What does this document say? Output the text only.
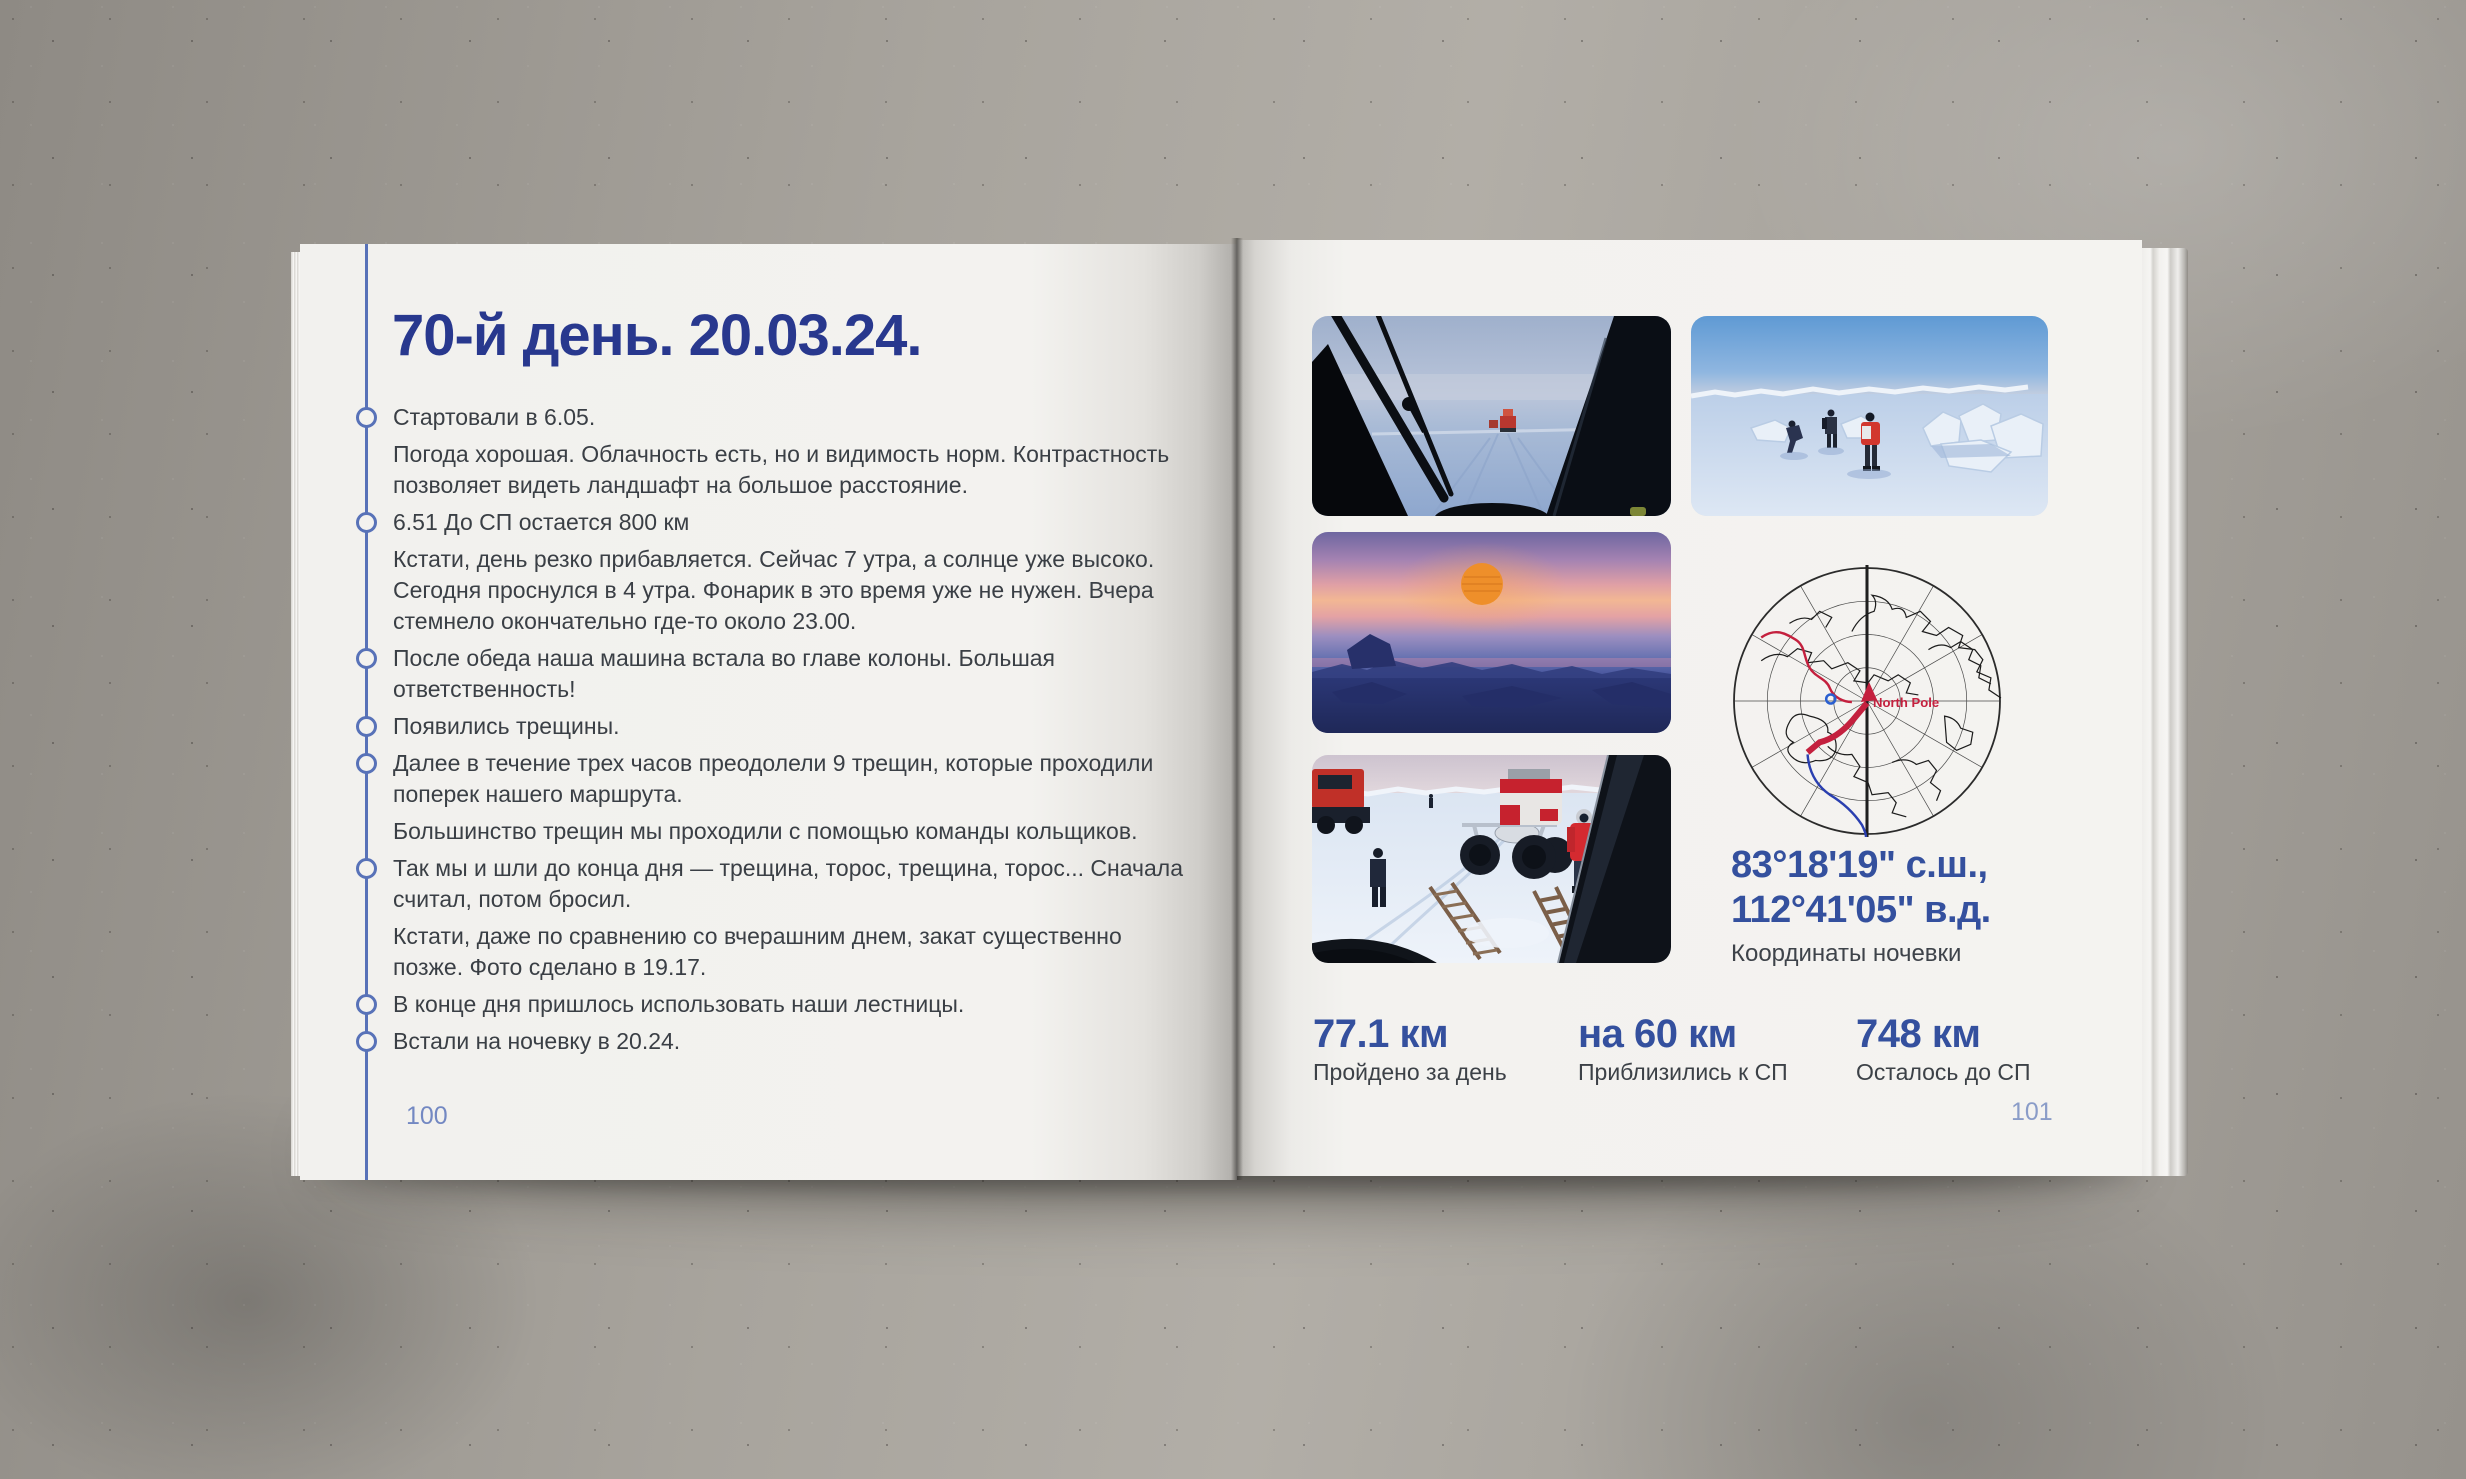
70-й день. 20.03.24.
Стартовали в 6.05.
Погода хорошая. Облачность есть, но и видимость норм. Контрастность позволяет видеть ландшафт на большое расстояние.
6.51 До СП остается 800 км
Кстати, день резко прибавляется. Сейчас 7 утра, а солнце уже высоко. Сегодня проснулся в 4 утра. Фонарик в это время уже не нужен. Вчера стемнело окончательно где-то около 23.00.
После обеда наша машина встала во главе колоны. Большая ответственность!
Появились трещины.
Далее в течение трех часов преодолели 9 трещин, которые проходили поперек нашего маршрута.
Большинство трещин мы проходили с помощью команды кольщиков.
Так мы и шли до конца дня — трещина, торос, трещина, торос... Сначала считал, потом бросил.
Кстати, даже по сравнению со вчерашним днем, закат существенно позже. Фото сделано в 19.17.
В конце дня пришлось использовать наши лестницы.
Встали на ночевку в 20.24.
100
North Pole
83°18'19" с.ш.,
112°41'05" в.д.
Координаты ночевки
77.1 км
Пройдено за день
на 60 км
Приблизились к СП
748 км
Осталось до СП
101
